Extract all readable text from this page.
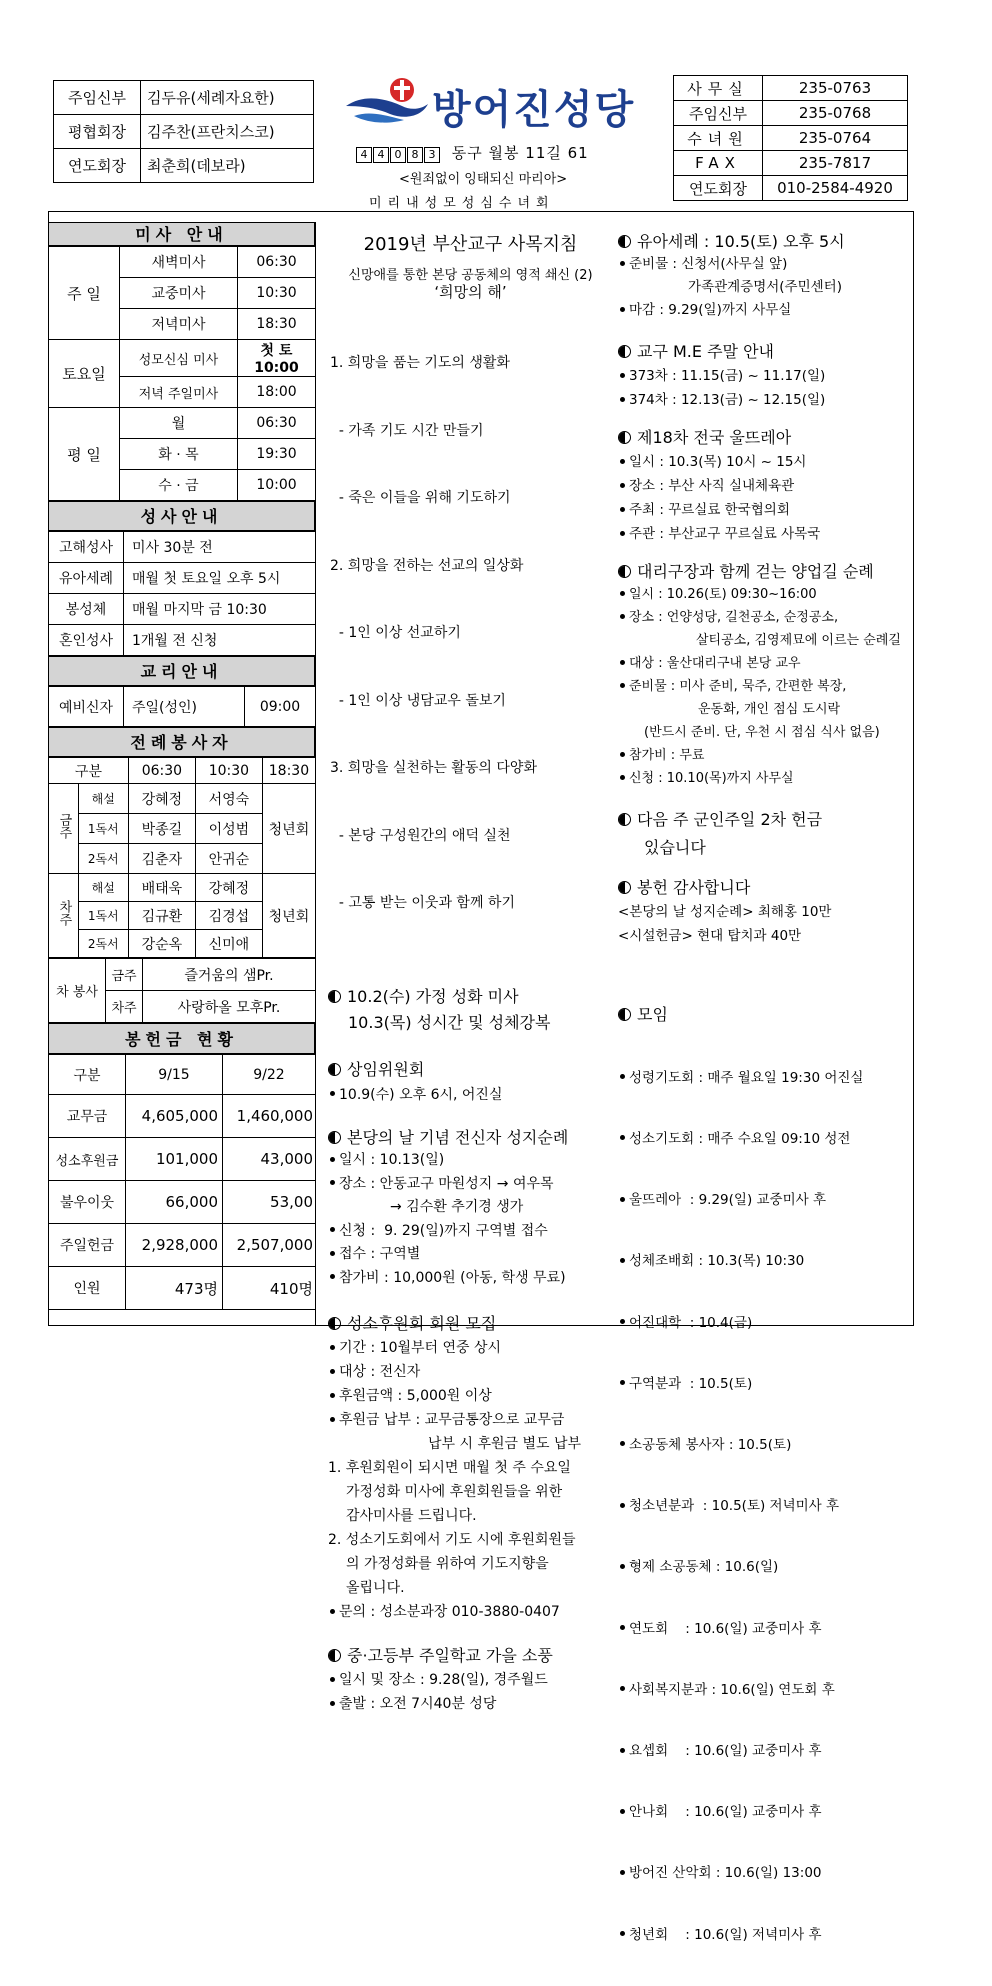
주임신부	김두유(세례자요한)
평협회장	김주찬(프란치스코)
연도회장	최춘희(데보라)
방어진성당
4 4 0 8 3 동구 월봉 11길 61
<원죄없이 잉태되신 마리아>
미리내성모성심수녀회
사무실	235-0763
주임신부	235-0768
수녀원	235-0764
FAX	235-7817
연도회장	010-2584-4920
미사 안내
주 일	새벽미사	06:30
	교중미사	10:30
	저녁미사	18:30
토요일	성모신심 미사	첫 토 10:00
	저녁 주일미사	18:00
평 일	월	06:30
	화 · 목	19:30
	수 · 금	10:00
성사안내
고해성사	미사 30분 전
유아세례	매월 첫 토요일 오후 5시
봉성체	매월 마지막 금 10:30
혼인성사	1개월 전 신청
교리안내
예비신자	주일(성인)	09:00
전례봉사자
구분		06:30	10:30	18:30
금주	해설	강혜정	서영숙	청년회
	1독서	박종길	이성범	
	2독서	김춘자	안귀순	
차주	해설	배태욱	강혜정	청년회
	1독서	김규환	김경섭	
	2독서	강순옥	신미애	
차 봉사	금주	즐거움의 샘Pr.
	차주	사랑하올 모후Pr.
봉헌금 현황
구분	9/15	9/22
교무금	4,605,000	1,460,000
성소후원금	101,000	43,000
불우이웃	66,000	53,00
주일헌금	2,928,000	2,507,000
인원	473명	410명

2019년 부산교구 사목지침

신망애를 통한 본당 공동체의 영적 쇄신 (2)

‘희망의 해’

1. 희망을 품는 기도의 생활화

- 가족 기도 시간 만들기

- 죽은 이들을 위해 기도하기

2. 희망을 전하는 선교의 일상화

- 1인 이상 선교하기

- 1인 이상 냉담교우 돌보기

3. 희망을 실천하는 활동의 다양화

- 본당 구성원간의 애덕 실천

- 고통 받는 이웃과 함께 하기

10.2(수) 가정 성화 미사
10.3(목) 성시간 및 성체강복
상임위원회
10.9(수) 오후 6시, 어진실
본당의 날 기념 전신자 성지순례
일시 : 10.13(일)
장소 : 안동교구 마원성지 → 여우목
→ 김수환 추기경 생가
신청 :  9. 29(일)까지 구역별 접수
접수 : 구역별
참가비 : 10,000원 (아동, 학생 무료)
성소후원회 회원 모집
기간 : 10월부터 연중 상시
대상 : 전신자
후원금액 : 5,000원 이상
후원금 납부 : 교무금통장으로 교무금
납부 시 후원금 별도 납부
1. 후원회원이 되시면 매월 첫 주 수요일
가정성화 미사에 후원회원들을 위한
감사미사를 드립니다.
2. 성소기도회에서 기도 시에 후원회원들
의 가정성화를 위하여 기도지향을
올립니다.
문의 : 성소분과장 010-3880-0407
중·고등부 주일학교 가을 소풍
일시 및 장소 : 9.28(일), 경주월드
출발 : 오전 7시40분 성당
유아세례 : 10.5(토) 오후 5시
준비물 : 신청서(사무실 앞)
가족관계증명서(주민센터)
마감 : 9.29(일)까지 사무실
교구 M.E 주말 안내
373차 : 11.15(금) ~ 11.17(일)
374차 : 12.13(금) ~ 12.15(일)
제18차 전국 울뜨레아
일시 : 10.3(목) 10시 ~ 15시
장소 : 부산 사직 실내체육관
주최 : 꾸르실료 한국협의회
주관 : 부산교구 꾸르실료 사목국
대리구장과 함께 걷는 양업길 순례
일시 : 10.26(토) 09:30~16:00
장소 : 언양성당, 길천공소, 순정공소,
살티공소, 김영제묘에 이르는 순례길
대상 : 울산대리구내 본당 교우
준비물 : 미사 준비, 묵주, 간편한 복장,
운동화, 개인 점심 도시락
(반드시 준비. 단, 우천 시 점심 식사 없음)
참가비 : 무료
신청 : 10.10(목)까지 사무실
다음 주 군인주일 2차 헌금
있습니다
봉헌 감사합니다
<본당의 날 성지순례> 최해홍 10만
<시설헌금> 현대 탑치과 40만

모임

성령기도회 : 매주 월요일 19:30 어진실

성소기도회 : 매주 수요일 09:10 성전

울뜨레아  : 9.29(일) 교중미사 후

성체조배회 : 10.3(목) 10:30

어진대학  : 10.4(금)

구역분과  : 10.5(토)

소공동체 봉사자 : 10.5(토)

청소년분과  : 10.5(토) 저녁미사 후

형제 소공동체 : 10.6(일)

연도회    : 10.6(일) 교중미사 후

사회복지분과 : 10.6(일) 연도회 후

요셉회    : 10.6(일) 교중미사 후

안나회    : 10.6(일) 교중미사 후

방어진 산악회 : 10.6(일) 13:00

청년회    : 10.6(일) 저녁미사 후
